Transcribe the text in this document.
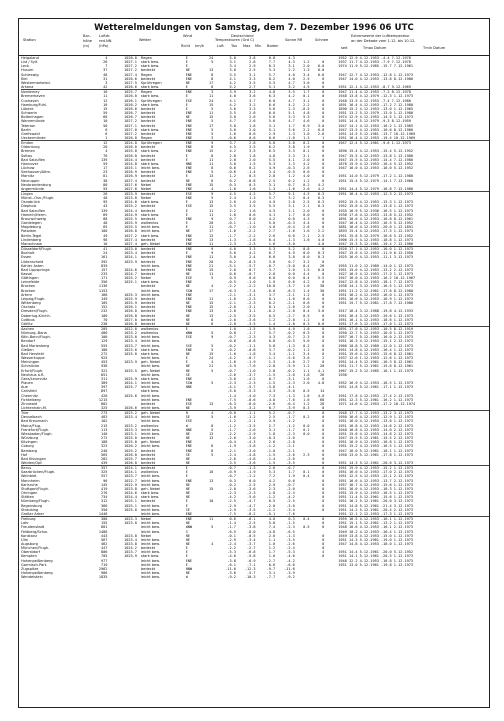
Wetterelmeldungen von Samstag, dem 7. Dezember 1996 06 UTC
Station
Bar.- Luftdr.
höhe red.NN
(m)	(hPa)
Wetter
Wind
Richt km/h
Deutschland
Temperaturen (Grd C)
Luft Tau Max Min Boden
Sonne RR	Schnee
Extremwerte der Lufttemperatur
an der Dekade vom 1.12. bis 10.12.
seit	Tmax Datum	Tmin Datum
Helgoland	4	1026.0	Regen	E	24	5.0	3.8	6.8	4.3			1952 12.9 4.12.1953 -4.4 7.12.1978
List / Sylt	26	1027.1	stark bew.	E	5	3.1	2.8	7.7	4.3	1.2	0	1937 11.7 4.12.1953 -7.9 7.12.1978
Leck	7	1027.2	stark bew.	E		3.4	2.9	6.3	3.1	2.0	0.0	1974 11.9 5.12.1985 -15.7 7.12.1961
Husum	37	1027.2	bedeckt	NE	13	3.0	2.5	3.3	2.2	1.3	0.0	
Schleswig	48	1027.4	Regen	ENE	8	3.5	3.1	5.7	4.0	3.4	0.8	1947 12.7 4.12.1953 -12.8 1.12.1973
Kiel	31	1026.6	bedeckt	ENE	8	4.1	3.3	8.2	4.0	2.5	0	1947 14.0 4.12.1953 -13.8 8.12.1980
Westermarkelsd.	3	1027.5	Sprühregen	NE	17	4.2	3.5	5.5	4.7	3.6	0	
Arkona	42	1026.6	stark bew.	E	8	5.2	2.7	5.1	3.2	4.5	0	1951 12.1 4.12.1953 -8.7 9.12.1969
Norderney	16	1025.7	Regen	ENE	3	3.9	3.2	4.8	3.5	1.7	0	1947 11.4 4.12.1953 -7.2 8.12.1978
Bremerhaven	11	1026.0	stark bew.	E	11	4.0	3.6	6.3	4.2	0.1	0	1948 13.8 4.12.1979 -12.3 1.12.1973
Cuxhaven	12	1026.1	Sprühregen	ESE	24	4.1	3.7	6.0	4.7	3.1	0	1948 13.5 4.12.1953 -7.4 7.12.1980
Hamburg/Fuhl.	16	1026.2	stark bew.	E	15	4.2	3.2	6.6	4.2	2.2	0	1891 16.4 4.12.1953 -17.2 7.12.1980
Lübeck	15	1026.6	bedeckt	E	5	3.6	3.3	5.6	2.3	-0.5	0	1890 15.2 4.12.1953 -13.0 1.12.1965
Schwerin	59	1026.7	bedeckt	ENE	11	3.5	2.8	6.0	5.1	4.8	0	1951 13.2 5.12.1979 -13.0 1.12.1980
Boltenhagen	68	1026.7	bedeckt	NE	15	3.0	2.6	5.6	3.3	5.3	0	1974 12.9 4.12.1953 -14.5 1.12.1973
Warnemünde	10	1027.2	bedeckt	ENE	5	4.7	2.6	5.6	4.7	4.6	0	1951 14.4 5.12.1979 -9.3 8.12.1959
Teterow	50	1027.1	bedeckt	ENE	17	3.8	1.8	3.1	1.7	6.9	3.0	1947 14.1 4.12.1953 -16.2 1.12.1965
Barth	6	1027.0	stark bew.	ENE	5	3.6	2.0	5.1	3.6	2.2	0.0	1947 13.5 4.12.1953 -16.6 8.12.1980
Greifswald	6	1027.2	bedeckt	ENE	5	1.6	0.6	2.9	1.3	1.0	2.6	1951 14.5 5.12.1961 -13.7 10.12.1969
Ueckermünde	1	1026.8	Regen	ENE	3	-0.6	0.6	0.6	-1.0	1.3	1	1951 16.4 4.12.1953 -19.4 10.12.1969
Emden	12	1024.8	Sprühregen	ENE	9	3.7	2.8	5.0	3.8	0.2	0	1947 12.4 5.12.1961 -9.6 1.12.1973
Oldenburg	20	1026.0	bedeckt	ENE	8	4.5	3.5	6.2	3.8	1.9	0	
Bremen	4	1025.8	stark bew.	ENE	15	4.2	3.5	6.5	3.3	0.1	0	1890 15.4 4.12.1953 -15.4 5.12.1952
Soltau	76	1026.0	bedeckt	E	8	2.8	1.8	4.8	2.3	3.1	0	1947 15.5 4.12.1953 -13.8 1.12.1980
Bad Salzuflen	139	1024.4	bedeckt	E	11	2.8	2.0	5.5	4.1	2.0	0	1947 15.5 4.12.1953 -14.4 7.12.1980
Hannover	59	1024.8	stark bew.	NNE	11	3.0	1.5	5.3	2.3	4.2	0	1876 15.9 4.12.1953 -16.4 5.12.1952
Lüchow	17	1025.1	leicht bew.	ENE	8	0.6	0.2	4.9	-0.3	2.6	0	1947 16.0 4.12.1953 -18.0 5.12.1952
Seehausen/Altm.	23	1026.9	bedeckt	ENE	5	-0.6	-1.4	3.4	-0.5	0.6	0	
Marnitz	81	1026.9	bedeckt	E	13	1.2	0.3	2.8	1.2	4.0	0	1951 14.0 5.12.1979 -17.2 1.12.1980
Neuruppin	38	1027.4	bedeckt	NE	8	0.2	-0.8	2.5	0.2	1.2	0	1951 15.4 5.12.1979 -14.1 7.12.1980
Neubrandenburg	80	1027.6	Nebel	ENE	15	0.3	0.3	3.1	0.7	0.2	4.2	
Angermünde	55	1027.6	Nebel	ENE	4	-1.6	1.6	1.3	-1.6	2.6	4.2	1951 14.4 5.12.1979 -16.8 7.12.1980
Lingen	26	1023.9	bedeckt	ESE	9	4.5	4.2	5.7	5.1	4.5	0.3	1951 16.4 4.12.1953 -12.3 2.12.1973
Münst.-Osn./Flugh.	48	1023.8	Nebel	ENE	5	2.4	1.3	5.7	3.2	0.4	0.3	
Osnabrück	95	1024.0	stark bew.	E	13	2.0	1.0	4.9	2.8	2.5	0.3	1952 15.5 4.12.1953 -15.3 1.12.1973
Diepholz	43	1025.2	bedeckt	ESE	15	3.5	3.5	5.5	3.1	2.1	0.3	1952 15.8 4.12.1953 -13.8 1.12.1973
Bad Salzuflen	139	1024.4	bedeckt	E	11	2.2	1.6	4.5	2.1	2.0	0	1935 16.9 5.12.1936 -16.5 1.12.1973
Hameln/Herm.	69	1024.9	stark bew.	E	11	1.8	0.6	4.1	1.7	0.0	0	1936 17.8 4.12.1953 -13.8 5.12.1952
Braunschweig	88	1025.5	bedeckt	ENE	9	0.7	0.0	4.2	0.0	4.3	0	1891 16.6 4.12.1953 -16.8 8.12.1961
Gardelegen	48	1025.9	wolkenlos	E	20	-0.1	-1.1	5.0	-0.3	4.4	0	1947 16.4 4.12.1953 -16.5 5.12.1952
Magdeburg	85	1025.5	leicht bew.	E	11	-0.7	-1.0	4.0	-0.4	2.8	0	1881 16.6 4.12.1953 -20.0 1.12.1891
Potsdam	100	1026.8	leicht bew.	NE	17	-1.6	-2.2	2.7	-1.6	1.6	2.2	1893 15.4 4.12.1953 -17.5 1.12.1973
Berlin-Tegel	49	1027.2	stark bew.	ENE	13	-1.7	-2.2	2.6	0.0	2.1	2.5	1951 15.8 5.12.1979 -16.6 5.12.1952
Lindenberg	98	1027.4	bedeckt	ENE	13	-1.3	-1.8	0.4	-1.3	1.6	4.0	1906 15.5 4.12.1953 -18.8 1.12.1973
Manschnow	16	1027.4	geh. Nebel	ENE	11	-2.3	-2.3	1.6	-3.0		4.0	1947 15.3 5.12.1961 -19.4 7.12.1980
Düsseldorf/Flugh.	41	1023.0	bedeckt	ENE	9	4.0	3.3	5.3	5.2	0.8	0	1928 17.1 4.12.1953 -10.0 1.12.1973
Bocholt	24	1023.4	bedeckt	E	9	5.0	4.2	6.7	4.9	0.0	0.3	1947 15.6 4.12.1953 -11.9 6.12.1950
Essen	161	1024.1	bedeckt	ENE	11	3.0	2.4	6.0	3.8	0.0	0.3	1925 16.0 4.12.1953 -11.1 3.12.1973
Lüdenscheid	392	1023.9	bedeckt	ENE	20	0.2	-0.3	3.0	0.7	3.2	0	
Kahler Asten	839		leicht bew.	ENE	21	-5.1	-5.7	-0.7	-5.0	0.4	26	1955 11.0 2.12.1989 -14.0 1.12.1973
Bad Lippspringe	157	1024.6	bedeckt	ENE	15	2.0	0.7	3.7	2.0	1.5	0.0	1951 15.6 4.12.1953 -13.2 2.12.1973
Kassel	233	1024.7	bedeckt	NE	11	0.0	-0.7	2.8	0.0	4.4	0	1927 16.5 4.12.1953 -17.3 1.12.1973
Göttingen	171	1025.2	Nebel	ESE	5	0.9	0.6	6.0	0.0	0.4	5.5	1947 16.0 4.12.1953 -16.2 10.12.1967
Leinefelde	356	1025.1	stark bew.	ENE		-0.5	-1.0	1.9	0.6	4.2	0	1947 12.8 4.12.1953 -18.1 7.12.1973
Brocken	1136		bedeckt	NE	4	-2.2	-2.2	10.8	-3.7	1.6	30	1938 14.1 3.12.1953 -16.5 1.12.1973
Brocken	1153		leicht bew.	SSW	17	-6.3	-7.4	-6.0	-6.3	1.4	30	1951 11.2 2.12.1961 -17.6 8.12.1980
Artern	166	1025.3	leicht bew.	ENE		-2.1	-3.1	3.7	-2.1	1.2	0	1951 16.2 4.12.1953 -16.0 1.12.1973
Leipzig/Flugh.	149	1025.9	bedeckt	ENE	11	-1.6	-2.3	0.1	-1.6	0.6	0	1951 16.6 4.12.1953 -16.9 1.12.1973
Wittenberg	105	1025.9	bedeckt	NE	15	-2.1	-2.3	0.2	-2.1	0.6	0	1951 15.7 5.12.1961 -17.8 7.12.1980
Oschatz	152	1026.1	bedeckt	ENE	15	-2.6	-3.1	0.1	-2.6	2.0	0	
Dresden/Flugh.	232	1026.0	bedeckt	ENE	13	-2.8	3.1	-0.2	-2.8	0.4	3.6	1917 16.4 3.12.1988 -19.8 4.12.1933
Doberlug-Kirchh.	100	1026.8	bedeckt	NE	13	-2.5	-3.5	0.5	-2.7	0.5	0	1951 16.4 3.12.1953 -19.6 1.12.1973
Cottbus	70	1027.0	bedeckt	NE	8	-2.0	-3.6	1.2	-2.8	1.2	0	1951 16.1 4.12.1953 -18.6 1.12.1973
Görlitz	238	1026.8	bedeckt	NE	8	-2.8	-3.5	1.4	-2.8	0.3	0.6	1951 17.6 3.12.1953 -17.0 1.12.1973
Aachen	205	1022.0	wolkenlos	E		1.0	-1.5	5.9	4.9	1.8	0	1891 17.8 4.12.1953 -10.5 8.12.1919
Nürburg.-Barw.	486	1023.2	wolkenlos	WNW	5	0.8	-1.7	5.7	-0.2	0.3	0	1950 12.7 5.12.1953 -10.0 1.12.1973
Köln-Bonn/Flugh.	100	1023.0	leicht bew.	ESE	9	-0.7	-2.3	4.3	-0.7	2.3	0	1957 16.7 5.12.1985 -16.0 2.12.1973
Bendorf	129	1023.4	leicht bew.			-0.8	-0.8	0.8	-0.5	5.0	0	1951 16.3 4.12.1953 -15.1 2.12.1973
Bad Marienberg	555	1023.7	leicht bew.	SSE	5	-0.2	-1.1	5.8	-1.3	0.2	0	1966 10.8 3.12.1989 -12.0 1.12.1973
Gießen	186	1023.6	stark bew.	ENE	5	-0.2	-0.8	3.7	-0.2	1.1	0	1951 14.8 4.12.1953 -16.4 1.12.1973
Bad Hersfeld	272	1025.0	stark bew.	NE	15	-1.0	-1.8	3.4	-1.1	3.4	0	1951 15.6 4.12.1953 -15.6 8.12.1961
Wasserkuppe	925		leicht bew.	E	24	-4.2	-6.7	-1.1	-5.6	3.6	2	1937 12.6 1.12.1953 -12.6 1.12.1973
Meiningen	453	1023.9	geh. Nebel	E	4	-1.6	-1.9	1.3	-1.6	2.7	0	1951 14.4 5.12.1961 -16.3 8.12.1961
Schmücke	938		leicht bew.	NE	21	-5.9	-7.6	-2.8	-5.9	1.2	20	1951 11.7 5.12.1961 -15.6 8.12.1961
Erfurt/Flugh.	322	1025.5	geh. Nebel	NE	5	-0.7	-1.0	2.8	-0.2	1.1	4.1	1967 15.2 5.12.1985 -16.1 1.12.1973
Neuhaus a.R.	851		leicht bew.	SE		-2.6	-3.7	-1.5	-2.6	1.8	26	1936
Gera/Leumnitz	311	1025.9	stark bew.	ENE		-3.0	-4.2	0.7	-3.1	1.6	0	
Plauen	389	1024.1	leicht bew.	SSW	5	-2.3	-2.3	-1.5	-2.3	2.0	4.8	1952 16.9 4.12.1953 -16.5 1.12.1973
Aue	397	1025.7	leicht bew.	NNE		-4.1	-5.7	-3.8	-4.1			1951 14.8 5.12.1961 -17.1 1.12.1973
Carlsfeld	897		stark bew.			-5.0	-5.3	-4.3	-5.0	0.5	14	
Chemnitz	420	1025.6	leicht bew.			-1.4	-4.0	7.3	-1.3	1.8	4.0	1951 17.8 4.12.1953 -17.4 2.12.1973
Fichtelberg	1215		leicht bew.	ENE		-7.5	-8.6	-4.0	-7.6	1.6	68	1951 12.3 5.12.1961 -16.2 1.12.1973
Zinnwald	882		bedeckt	ESE	13	-6.3	-8.0	-2.6	-6.4	1.2	28	1971 14.6 4.12.1953 -17.2 10.12.1974
Lichtenhain-M.	325	1026.6	leicht bew.	NE		-3.9	-3.2	0.7	-3.9	0.3	0	
Trier	273	1023.2	geh. Nebel	N	4	-0.8	-1.1	5.2	-0.7		0	1948 17.7 4.12.1953 -13.2 3.12.1973
Deuselbach	483	1023.4	leicht bew.	SE	5	-1.6	-1.2	2.5	-1.7	0.2	0	1950 16.6 4.12.1953 -12.9 1.12.1973
Bad Kreuznach	182		leicht bew.	ESE		-1.2	-2.1	3.9	-1.2		0	1951 16.0 4.12.1953 -13.6 1.12.1973
Mainz/Flug.	215	1023.2	wolkenlos	W	8	-1.2	-3.5	2.7	-1.2	0.0	0	1951 16.8 4.12.1953 -14.6 2.12.1973
Frankfurt/Flugh.	113	1023.3	leicht bew.	NNE	5	-1.7	-2.6	3.1	-1.7	0.1	0	1948 16.8 4.12.1953 -14.0 2.12.1973
Wiesbaden/Flugh.	140	1023.1	leicht bew.	NE	13	-2.2	-2.9	1.8	-2.3	0.0	0	1951 15.6 4.12.1953 -14.8 2.12.1973
Würzburg	272	1025.0	bedeckt	NE	13	-2.0	-3.0	-0.3	-2.0		0	1947 15.5 5.12.1961 -15.5 2.12.1973
Kitzingen	188	1025.0	geh. Nebel	ENE		-0.4	-4.3	2.6	-2.8		0	1951 16.9 4.12.1953 -16.8 1.12.1973
Coburg	323	1026.2	leicht bew.	ENE	8	-1.9	-3.8	-1.2	-2.1		0	1951 15.2 4.12.1953 -16.5 1.12.1973
Bamberg	240	1025.2	bedeckt	ENE	8	-2.1	-3.0	-1.0	-2.1		0	1947 16.0 5.12.1961 -18.1 1.12.1973
Hof	565	1026.0	bedeckt	SE	5	-2.4	-4.8	-1.5	-2.6	2.3	0	1950 13.0 5.12.1961 -17.8 1.12.1973
Bad Kissingen	282	1025.7	bedeckt	NE		-2.6	-4.8	-1.4	-2.6		0	
Weiden/Opf.	439	1026.0	bedeckt	NE		-3.5	-3.6	-1.5	-3.5		0	1951 14.3 5.12.1961 -20.6 3.12.1973
Berus	357	1024.1	bedeckt	E		-0.7	-1.3	2.6	-0.7		0	1951 15.9 4.12.1953 -15.2 1.12.1973
Saarbrücken/Flugh.	325	1024.1	wolkenlos	E	10	-0.9	-1.9	5.3	1.7	0.1	0	1951 16.0 4.12.1953 -17.0 2.12.1973
Weinbiet	557	1023.7	leicht bew.	E		-0.7	-1.2	7.2	1.9	0.4	0	1951 12.5 4.12.1953 -12.1 2.12.1973
Mannheim	96	1022.7	leicht bew.	ENE	13	0.3	0.0	4.2	0.6		0	1951 16.6 4.12.1953 -13.7 2.12.1973
Karlsruhe	145	1022.9	leicht bew.	NE		-0.2	-2.5	2.9	-0.7		0	1957 16.7 4.12.1953 -15.6 1.12.1973
Stuttgart/Flugh.	419	1023.8	geh. Nebel	NE	15	-2.0	-3.6	2.3	-2.0		0	1951 16.0 4.12.1953 -18.3 1.12.1973
Öhringen	276	1024.6	stark bew.	NE		-2.3	-2.3	1.8	-2.4		0	1951 15.9 4.12.1953 -16.5 1.12.1973
Stötten	734	1024.4	stark bew.	NE		-4.2	-5.6	-1.2	-4.2		0	1951 11.4 5.12.1961 -15.6 1.12.1973
Nürnberg/Flugh.	312	1025.1	bedeckt	E	10	-2.5	-4.7	0.5	-2.5		0	1951 16.2 5.12.1961 -20.0 3.12.1973
Regensburg	366	1025.1	leicht bew.	E		-2.9	-4.7	-2.0	-3.0		0	1951 14.8 5.12.1961 -21.4 3.12.1973
Straubing	350	1025.0	leicht bew.	SE		-2.9	-3.5	-1.2	-3.4		0	1951 14.2 5.12.1961 -20.4 2.12.1973
Großer Arber	1446		leicht bew.	ENE		-7.5	-8.2	-5.1	-7.6			1951 12.1 2.12.1953 -17.3 1.12.1973
Freiburg	300	1023.3	Nebel	ENE	11	0.6	-0.1	4.0	0.3	0.4	0	1959 16.5 4.12.1953 -16.1 1.12.1973
Lahr	155	1023.0	leicht bew.	NE		-1.4	-2.5	5.8	-1.5		0	1951 15.1 5.12.1961 -13.2 1.12.1973
Freudenstadt	801		leicht bew.	WNW	5	-1.7	-3.8	7.4	-2.3	0.5	0	1948 16.6 4.12.1953 -16.1 2.12.1973
Feldberg/Schw.	1486		leicht bew.	S		-6.5	-8.0	-4.8	-6.5			1949 10.2 4.12.1953 -16.4 1.12.1973
Konstanz	443	1023.8	Nebel	NE		-0.1	-0.5	2.0	-1.3		0	1949 13.8 4.12.1953 -15.0 1.12.1973
Ulm	567	1023.4	leicht bew.	NE		-2.9	-3.4	1.1	-3.5		0	1951 14.3 5.12.1961 -19.0 1.12.1973
Augsburg	462	1023.8	leicht bew.	NE	4	-2.4	-3.7	1.0	-2.6		0	1947 14.8 4.12.1953 -18.0 1.12.1973
München/Flugh.	447	1024.2	bedeckt	E		-2.2	-2.7	1.2	-2.4		0	
Oberstdorf	806	1023.7	leicht bew.	E		-5.3	-6.8	1.7	-5.3		4	1951 14.4 5.12.1961 -20.0 5.12.1952
Kempten	705	1023.9	stark bew.	E		-4.6	-5.8	1.0	-4.6		0	1951 14.1 5.12.1961 -20.5 1.12.1973
Hohenpeißenberg	977		leicht bew.	ENE		-3.8	-6.9	-2.7	-4.2			1948 12.2 4.12.1953 -16.8 1.12.1973
Garmisch-Part.	719		leicht bew.	E		-6.1	-7.1	0.6	-6.6			1951 13.0 5.12.1961 -19.8 1.12.1973
Zugspitze	2962		bedeckt	NNW		-11.6	-12.3	-9.7	-11.6			
Hohenpeißenberg	986		leicht bew.	NE		-3.6	-5.7	-3.1	-3.9			
Wendelstein	1835		leicht bew.	W		-9.2	-10.3	-7.7	-9.2			
